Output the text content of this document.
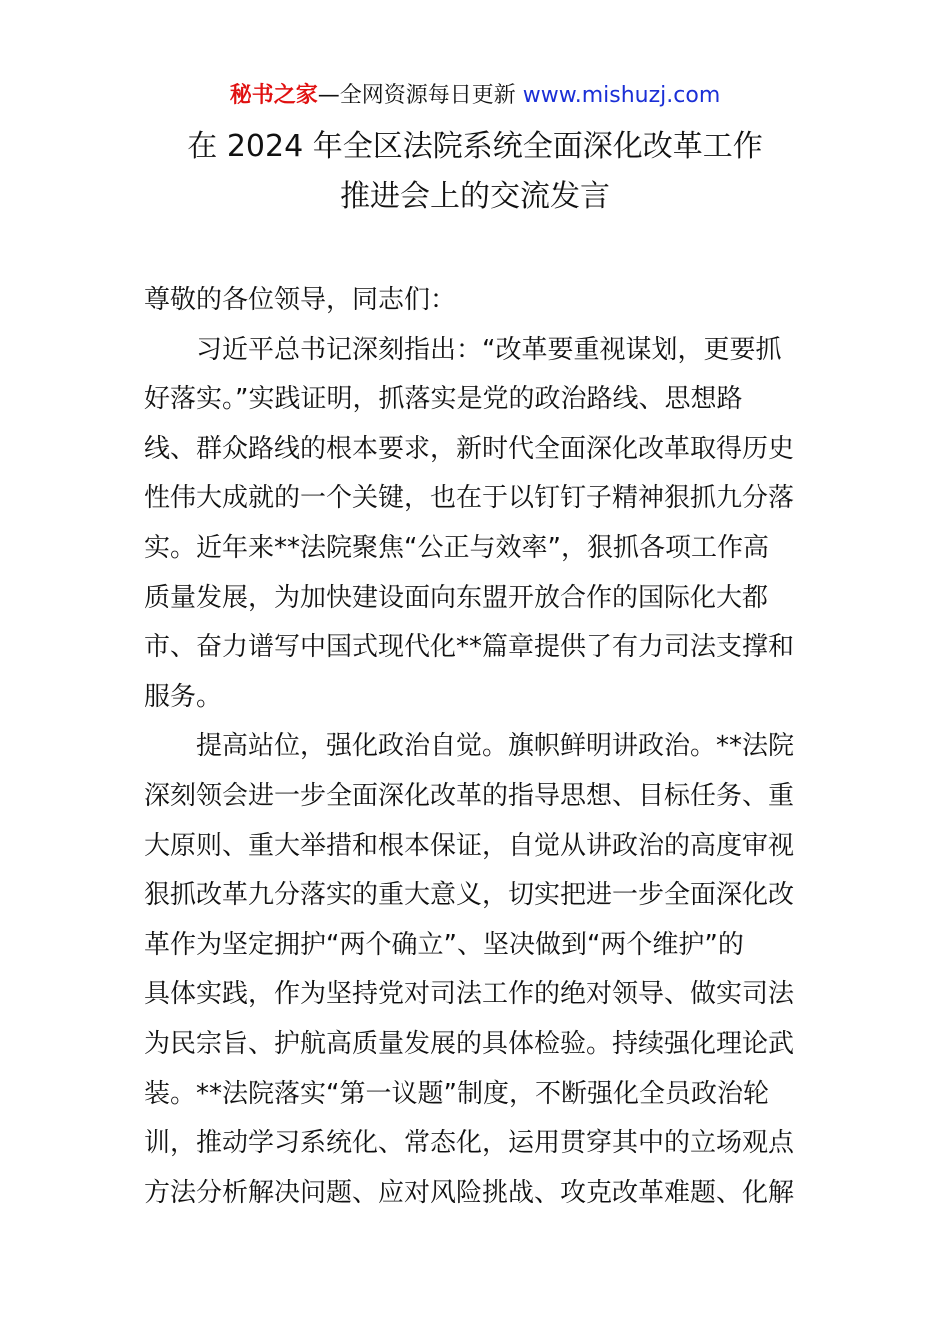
秘书之家—全网资源每日更新 www.mishuzj.com
在 2024 年全区法院系统全面深化改革工作
推进会上的交流发言
尊敬的各位领导，同志们：
习近平总书记深刻指出：“改革要重视谋划，更要抓
好落实。”实践证明，抓落实是党的政治路线、思想路
线、群众路线的根本要求，新时代全面深化改革取得历史
性伟大成就的一个关键，也在于以钉钉子精神狠抓九分落
实。近年来**法院聚焦“公正与效率”，狠抓各项工作高
质量发展，为加快建设面向东盟开放合作的国际化大都
市、奋力谱写中国式现代化**篇章提供了有力司法支撑和
服务。
提高站位，强化政治自觉。旗帜鲜明讲政治。**法院
深刻领会进一步全面深化改革的指导思想、目标任务、重
大原则、重大举措和根本保证，自觉从讲政治的高度审视
狠抓改革九分落实的重大意义，切实把进一步全面深化改
革作为坚定拥护“两个确立”、坚决做到“两个维护”的
具体实践，作为坚持党对司法工作的绝对领导、做实司法
为民宗旨、护航高质量发展的具体检验。持续强化理论武
装。**法院落实“第一议题”制度，不断强化全员政治轮
训，推动学习系统化、常态化，运用贯穿其中的立场观点
方法分析解决问题、应对风险挑战、攻克改革难题、化解
